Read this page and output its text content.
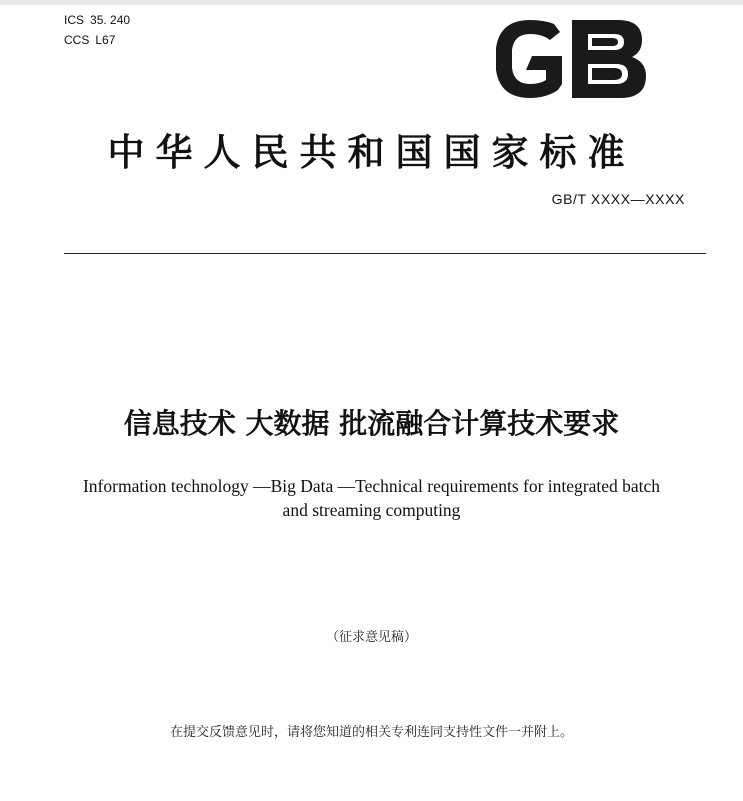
ICS 35. 240
CCS L67
中华人民共和国国家标准
GB/T XXXX—XXXX
信息技术 大数据 批流融合计算技术要求
Information technology —Big Data —Technical requirements for integrated batch
and streaming computing
（征求意见稿）
在提交反馈意见时，请将您知道的相关专利连同支持性文件一并附上。
